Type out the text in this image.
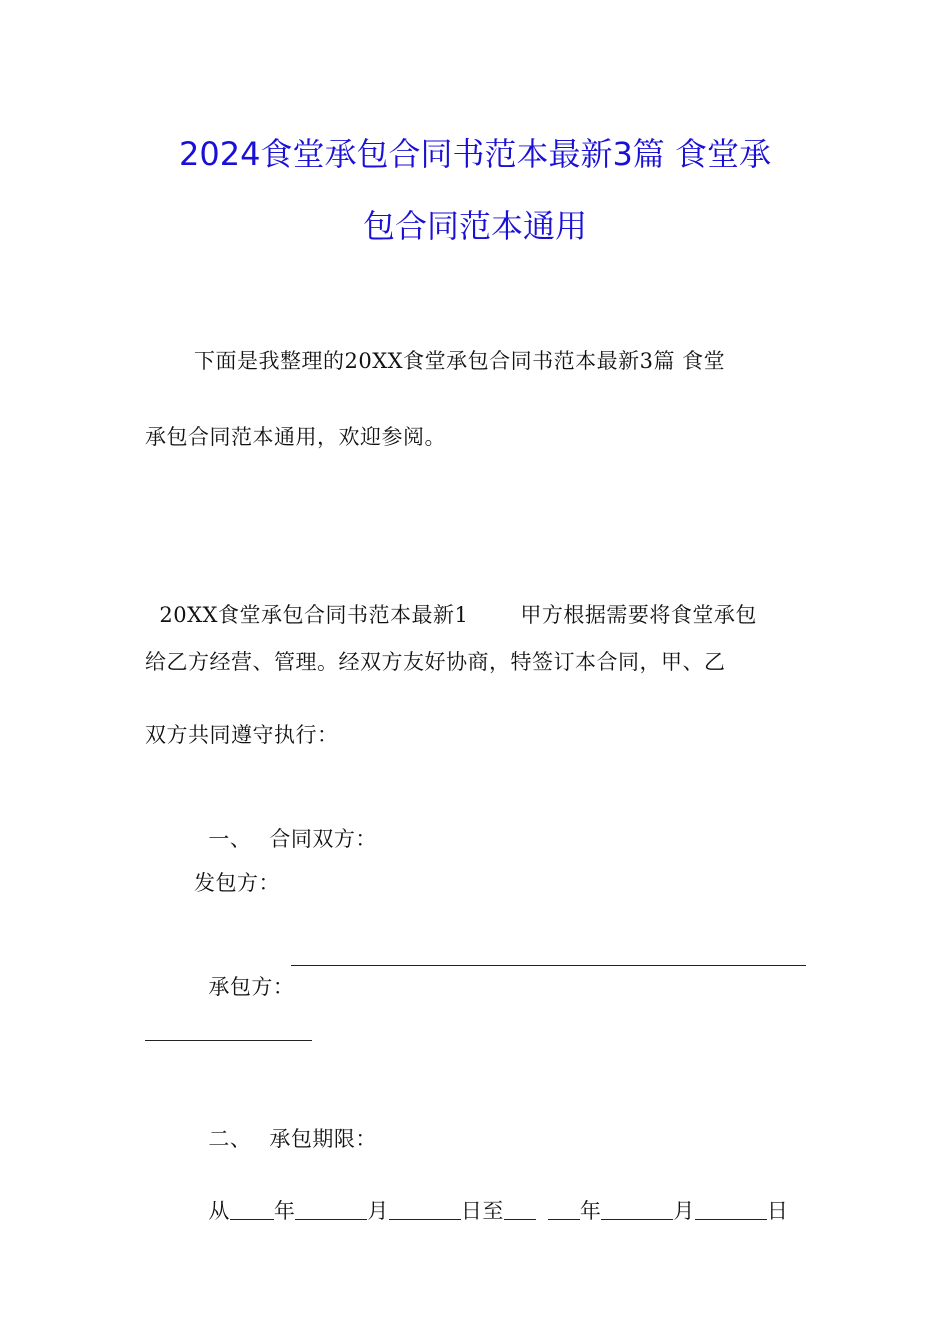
2024食堂承包合同书范本最新3篇 食堂承
包合同范本通用
下面是我整理的20XX食堂承包合同书范本最新3篇 食堂
承包合同范本通用，欢迎参阅。

20XX食堂承包合同书范本最新1 甲方根据需要将食堂承包

给乙方经营、管理。经双方友好协商，特签订本合同，甲、乙
双方共同遵守执行：

一、 合同双方：

发包方：

承包方：

二、 承包期限：

从 年	月	日至	年	月	日
